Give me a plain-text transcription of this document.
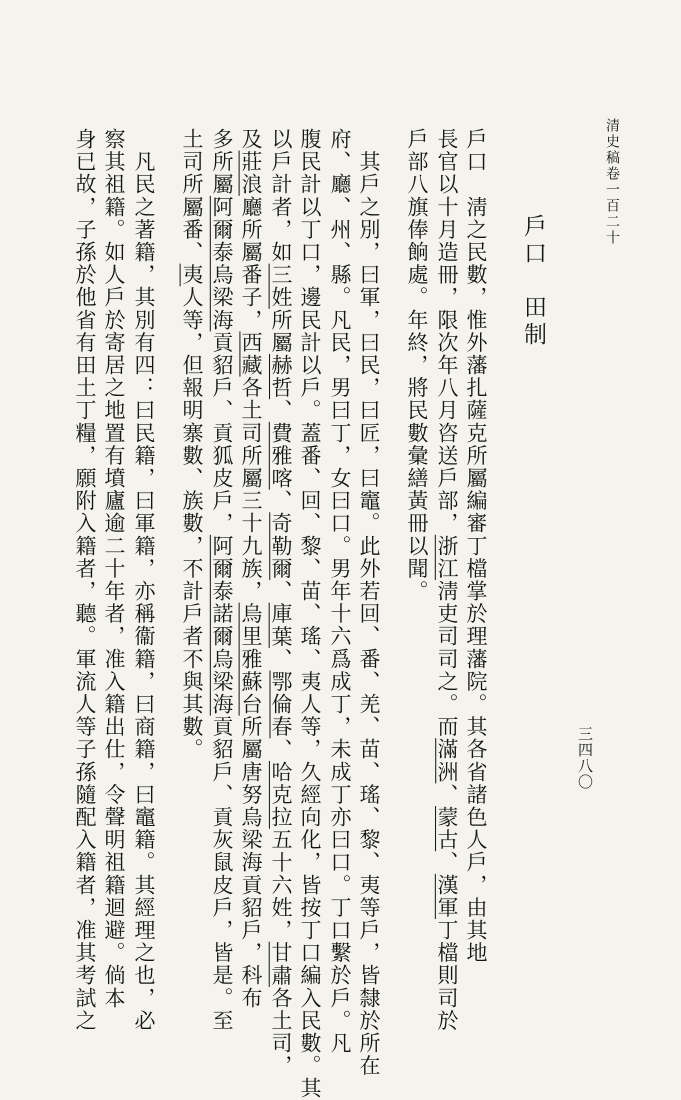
清史稿卷一百二十
三四八〇
戶口　田制
戶口　淸之民數，惟外藩扎薩克所屬編審丁檔掌於理藩院。其各省諸色人戶，由其地
長官以十月造冊，限次年八月咨送戶部，浙江淸吏司司之。而滿洲、蒙古、漢軍丁檔則司於
戶部八旗俸餉處。年終，將民數彙繕黃冊以聞。
　其戶之別，曰軍，曰民，曰匠，曰竈。此外若回、番、羌、苗、瑤、黎、夷等戶，皆隸於所在
府、廳、州、縣。凡民，男曰丁，女曰口。男年十六爲成丁，未成丁亦曰口。丁口繫於戶。凡
腹民計以丁口，邊民計以戶。蓋番、回、黎、苗、瑤、夷人等，久經向化，皆按丁口編入民數。其
以戶計者，如三姓所屬赫哲、費雅喀、奇勒爾、庫葉、鄂倫春、哈克拉五十六姓，甘肅各土司，
及莊浪廳所屬番子，西藏各土司所屬三十九族，烏里雅蘇台所屬唐努烏梁海貢貂戶，科布
多所屬阿爾泰烏梁海貢貂戶、貢狐皮戶，阿爾泰諾爾烏梁海貢貂戶、貢灰鼠皮戶，皆是。至
土司所屬番、夷人等，但報明寨數、族數，不計戶者不與其數。
　凡民之著籍，其別有四：曰民籍，曰軍籍，亦稱衞籍，曰商籍，曰竈籍。其經理之也，必
察其祖籍。如人戶於寄居之地置有墳廬逾二十年者，准入籍出仕，令聲明祖籍迴避。倘本
身已故，子孫於他省有田土丁糧，願附入籍者，聽。軍流人等子孫隨配入籍者，准其考試之
